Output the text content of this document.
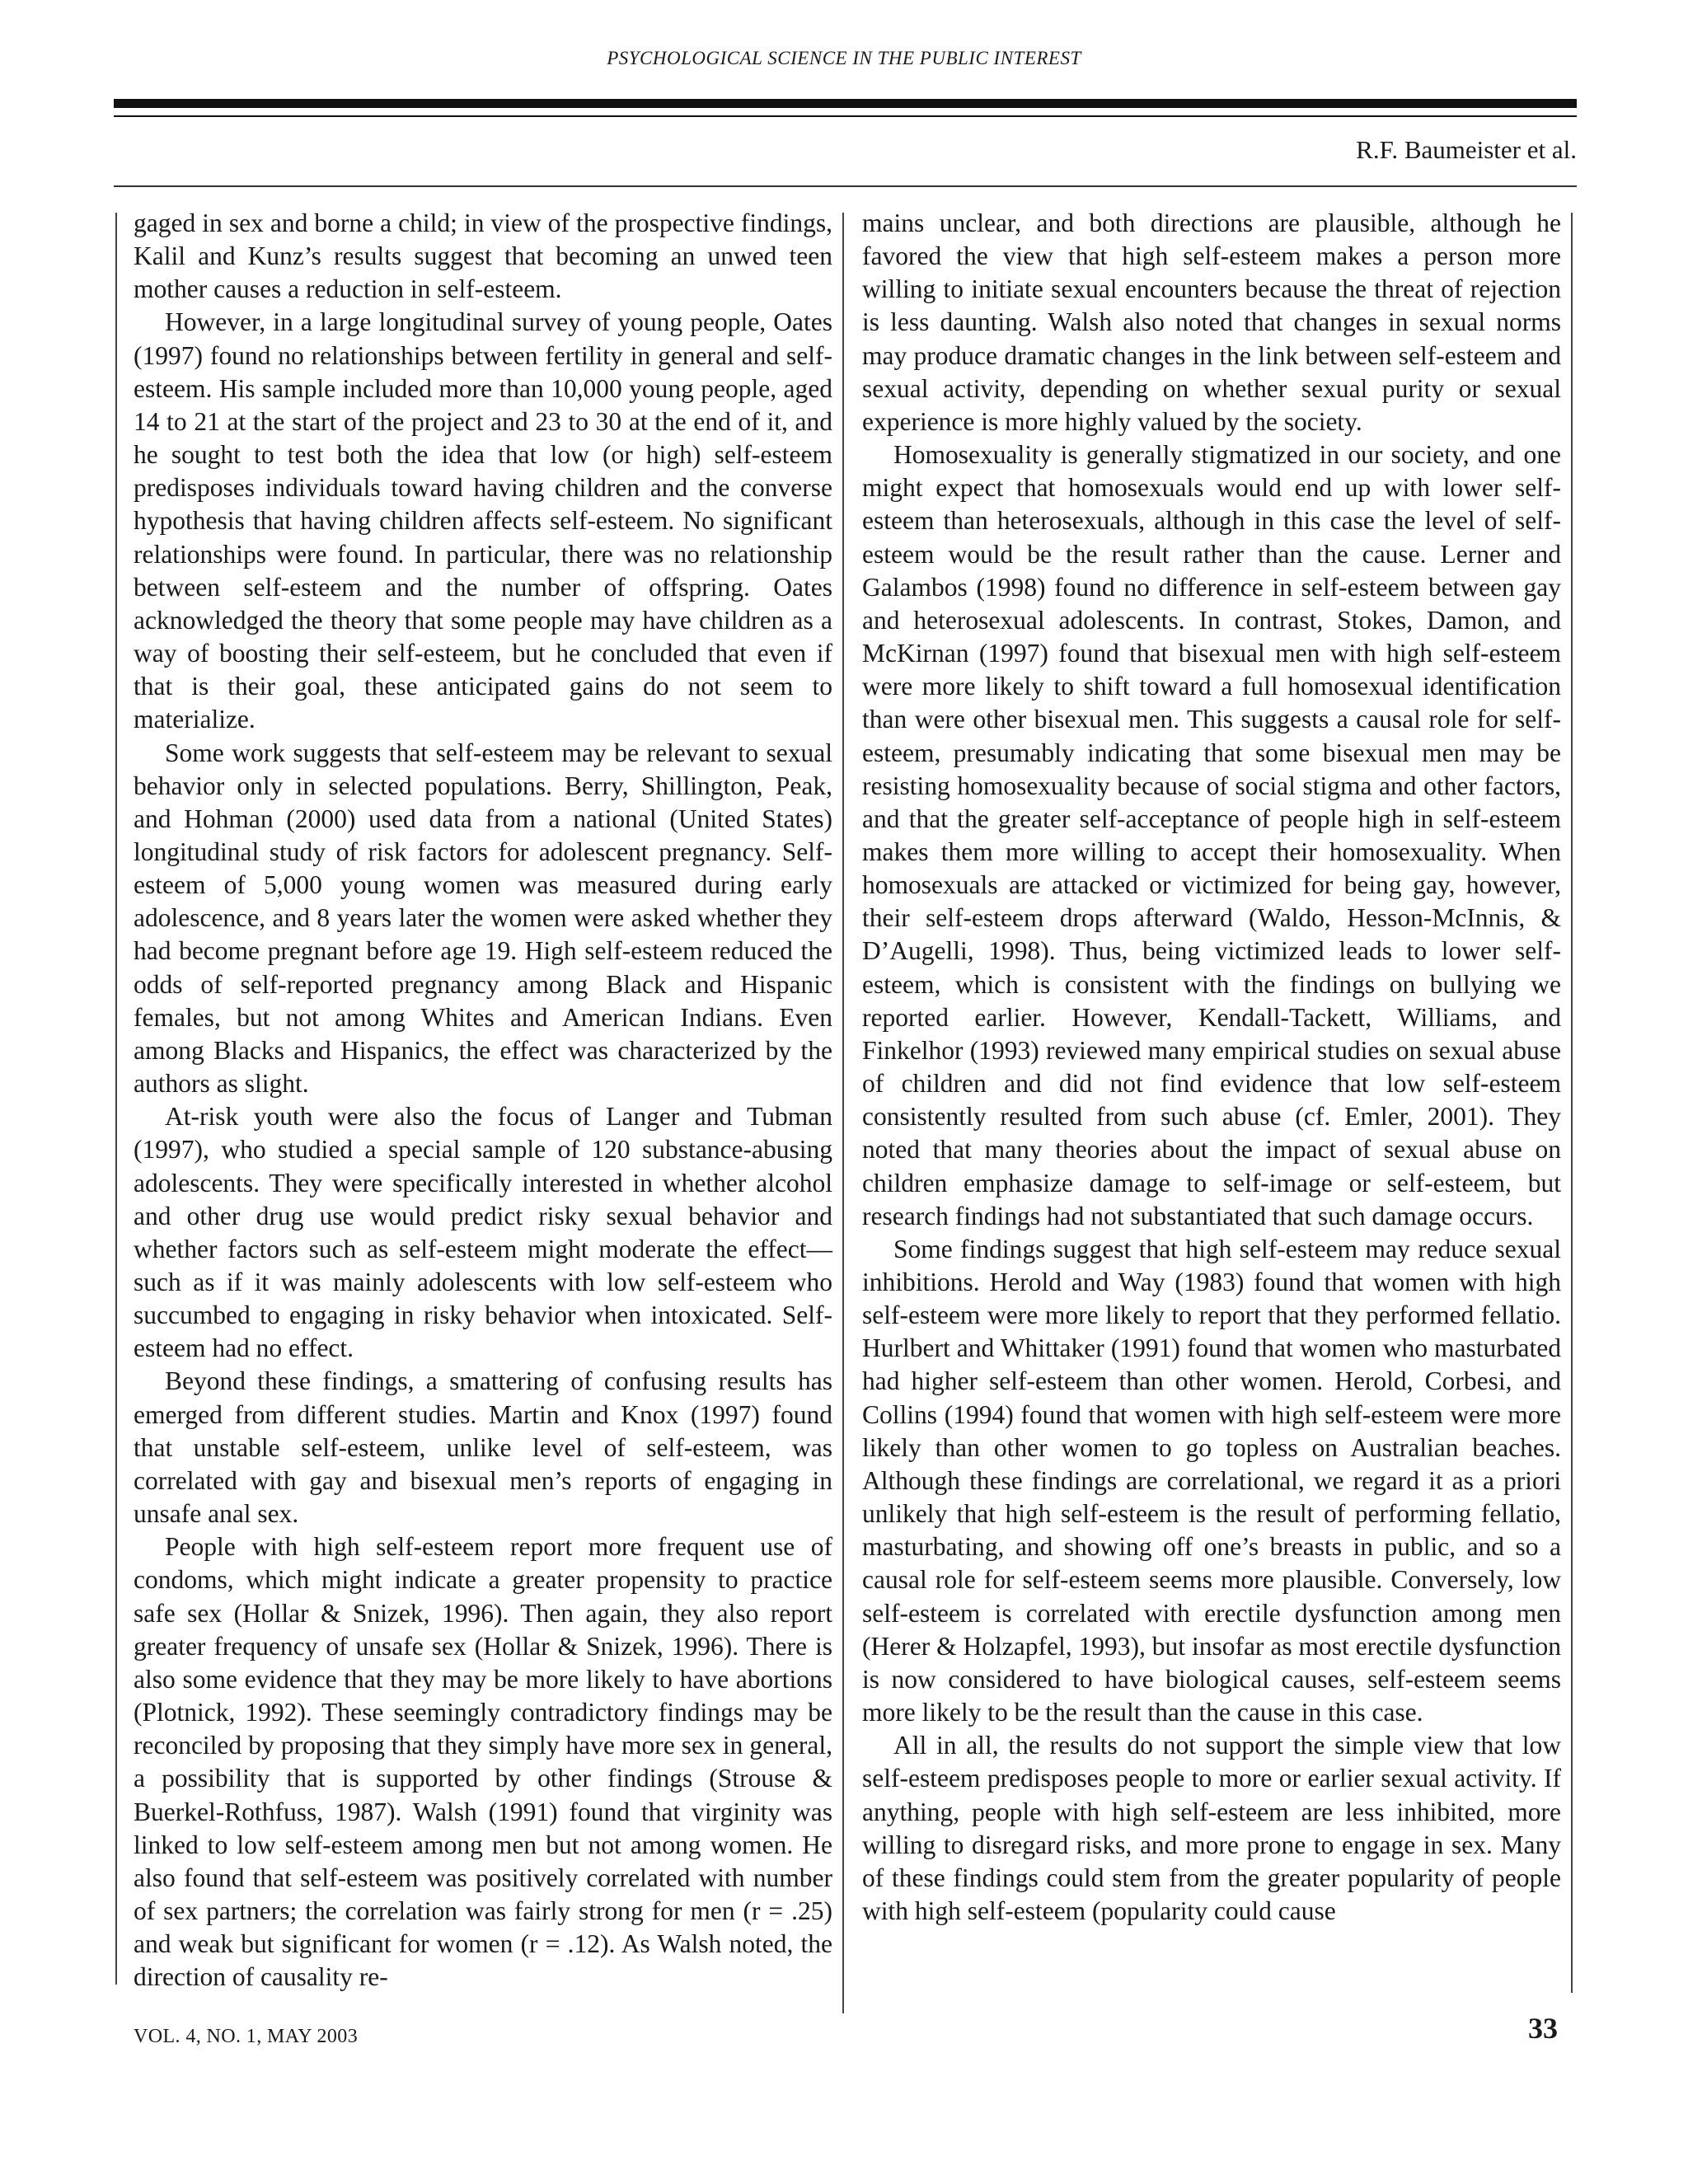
PSYCHOLOGICAL SCIENCE IN THE PUBLIC INTEREST
R.F. Baumeister et al.

gaged in sex and borne a child; in view of the prospective findings, Kalil and Kunz’s results suggest that becoming an unwed teen mother causes a reduction in self-esteem.

However, in a large longitudinal survey of young people, Oates (1997) found no relationships between fertility in general and self-esteem. His sample included more than 10,000 young people, aged 14 to 21 at the start of the project and 23 to 30 at the end of it, and he sought to test both the idea that low (or high) self-esteem predisposes individuals toward having children and the converse hypothesis that having children affects self-esteem. No significant relationships were found. In particular, there was no relationship between self-esteem and the number of offspring. Oates acknowledged the theory that some people may have children as a way of boosting their self-esteem, but he concluded that even if that is their goal, these anticipated gains do not seem to materialize.

Some work suggests that self-esteem may be relevant to sexual behavior only in selected populations. Berry, Shillington, Peak, and Hohman (2000) used data from a national (United States) longitudinal study of risk factors for adolescent pregnancy. Self-esteem of 5,000 young women was measured during early adolescence, and 8 years later the women were asked whether they had become pregnant before age 19. High self-esteem reduced the odds of self-reported pregnancy among Black and Hispanic females, but not among Whites and American Indians. Even among Blacks and Hispanics, the effect was characterized by the authors as slight.

At-risk youth were also the focus of Langer and Tubman (1997), who studied a special sample of 120 substance-abusing adolescents. They were specifically interested in whether alcohol and other drug use would predict risky sexual behavior and whether factors such as self-esteem might moderate the effect—such as if it was mainly adolescents with low self-esteem who succumbed to engaging in risky behavior when intoxicated. Self-esteem had no effect.

Beyond these findings, a smattering of confusing results has emerged from different studies. Martin and Knox (1997) found that unstable self-esteem, unlike level of self-esteem, was correlated with gay and bisexual men’s reports of engaging in unsafe anal sex.

People with high self-esteem report more frequent use of condoms, which might indicate a greater propensity to practice safe sex (Hollar & Snizek, 1996). Then again, they also report greater frequency of unsafe sex (Hollar & Snizek, 1996). There is also some evidence that they may be more likely to have abortions (Plotnick, 1992). These seemingly contradictory findings may be reconciled by proposing that they simply have more sex in general, a possibility that is supported by other findings (Strouse & Buerkel-Rothfuss, 1987). Walsh (1991) found that virginity was linked to low self-esteem among men but not among women. He also found that self-esteem was positively correlated with number of sex partners; the correlation was fairly strong for men (r = .25) and weak but significant for women (r = .12). As Walsh noted, the direction of causality re-

mains unclear, and both directions are plausible, although he favored the view that high self-esteem makes a person more willing to initiate sexual encounters because the threat of rejection is less daunting. Walsh also noted that changes in sexual norms may produce dramatic changes in the link between self-esteem and sexual activity, depending on whether sexual purity or sexual experience is more highly valued by the society.

Homosexuality is generally stigmatized in our society, and one might expect that homosexuals would end up with lower self-esteem than heterosexuals, although in this case the level of self-esteem would be the result rather than the cause. Lerner and Galambos (1998) found no difference in self-esteem between gay and heterosexual adolescents. In contrast, Stokes, Damon, and McKirnan (1997) found that bisexual men with high self-esteem were more likely to shift toward a full homosexual identification than were other bisexual men. This suggests a causal role for self-esteem, presumably indicating that some bisexual men may be resisting homosexuality because of social stigma and other factors, and that the greater self-acceptance of people high in self-esteem makes them more willing to accept their homosexuality. When homosexuals are attacked or victimized for being gay, however, their self-esteem drops afterward (Waldo, Hesson-McInnis, & D’Augelli, 1998). Thus, being victimized leads to lower self-esteem, which is consistent with the findings on bullying we reported earlier. However, Kendall-Tackett, Williams, and Finkelhor (1993) reviewed many empirical studies on sexual abuse of children and did not find evidence that low self-esteem consistently resulted from such abuse (cf. Emler, 2001). They noted that many theories about the impact of sexual abuse on children emphasize damage to self-image or self-esteem, but research findings had not substantiated that such damage occurs.

Some findings suggest that high self-esteem may reduce sexual inhibitions. Herold and Way (1983) found that women with high self-esteem were more likely to report that they performed fellatio. Hurlbert and Whittaker (1991) found that women who masturbated had higher self-esteem than other women. Herold, Corbesi, and Collins (1994) found that women with high self-esteem were more likely than other women to go topless on Australian beaches. Although these findings are correlational, we regard it as a priori unlikely that high self-esteem is the result of performing fellatio, masturbating, and showing off one’s breasts in public, and so a causal role for self-esteem seems more plausible. Conversely, low self-esteem is correlated with erectile dysfunction among men (Herer & Holzapfel, 1993), but insofar as most erectile dysfunction is now considered to have biological causes, self-esteem seems more likely to be the result than the cause in this case.

All in all, the results do not support the simple view that low self-esteem predisposes people to more or earlier sexual activity. If anything, people with high self-esteem are less inhibited, more willing to disregard risks, and more prone to engage in sex. Many of these findings could stem from the greater popularity of people with high self-esteem (popularity could cause

VOL. 4, NO. 1, MAY 2003	33
